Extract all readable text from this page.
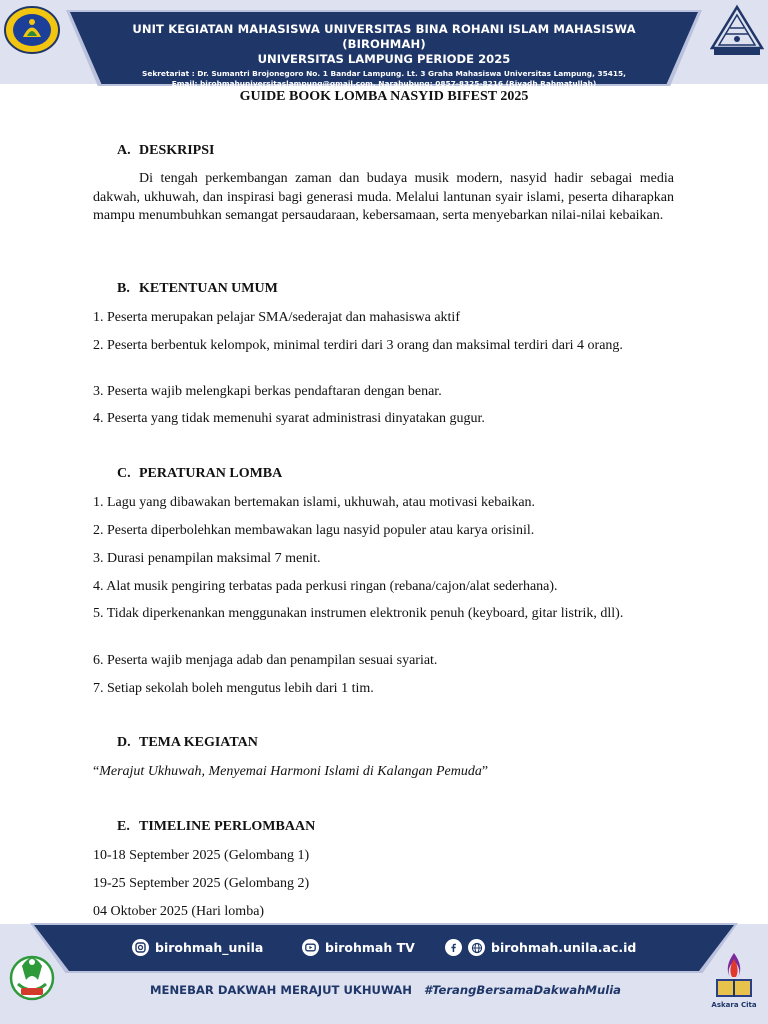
UNIT KEGIATAN MAHASISWA UNIVERSITAS BINA ROHANI ISLAM MAHASISWA (BIROHMAH)
UNIVERSITAS LAMPUNG PERIODE 2025
Sekretariat : Dr. Sumantri Brojonegoro No. 1 Bandar Lampung. Lt. 3 Graha Mahasiswa Universitas Lampung, 35415,
Email: birohmahuniversitaslampung@gmail.com. Narahubung: 0857-8325-8216 (Riyadh Rahmatullah)
GUIDE BOOK LOMBA NASYID BIFEST 2025
A. DESKRIPSI
Di tengah perkembangan zaman dan budaya musik modern, nasyid hadir sebagai media dakwah, ukhuwah, dan inspirasi bagi generasi muda. Melalui lantunan syair islami, peserta diharapkan mampu menumbuhkan semangat persaudaraan, kebersamaan, serta menyebarkan nilai-nilai kebaikan.
B. KETENTUAN UMUM
1. Peserta merupakan pelajar SMA/sederajat dan mahasiswa aktif
2. Peserta berbentuk kelompok, minimal terdiri dari 3 orang dan maksimal terdiri dari 4 orang.
3. Peserta wajib melengkapi berkas pendaftaran dengan benar.
4. Peserta yang tidak memenuhi syarat administrasi dinyatakan gugur.
C. PERATURAN LOMBA
1. Lagu yang dibawakan bertemakan islami, ukhuwah, atau motivasi kebaikan.
2. Peserta diperbolehkan membawakan lagu nasyid populer atau karya orisinil.
3. Durasi penampilan maksimal 7 menit.
4. Alat musik pengiring terbatas pada perkusi ringan (rebana/cajon/alat sederhana).
5. Tidak diperkenankan menggunakan instrumen elektronik penuh (keyboard, gitar listrik, dll).
6. Peserta wajib menjaga adab dan penampilan sesuai syariat.
7. Setiap sekolah boleh mengutus lebih dari 1 tim.
D. TEMA KEGIATAN
“Merajut Ukhuwah, Menyemai Harmoni Islami di Kalangan Pemuda”
E. TIMELINE PERLOMBAAN
10-18 September 2025 (Gelombang 1)
19-25 September 2025 (Gelombang 2)
04 Oktober 2025 (Hari lomba)
birohmah_unila	birohmah TV	birohmah.unila.ac.id
MENEBAR DAKWAH MERAJUT UKHUWAH #TerangBersamaDakwahMulia
Askara Cita
